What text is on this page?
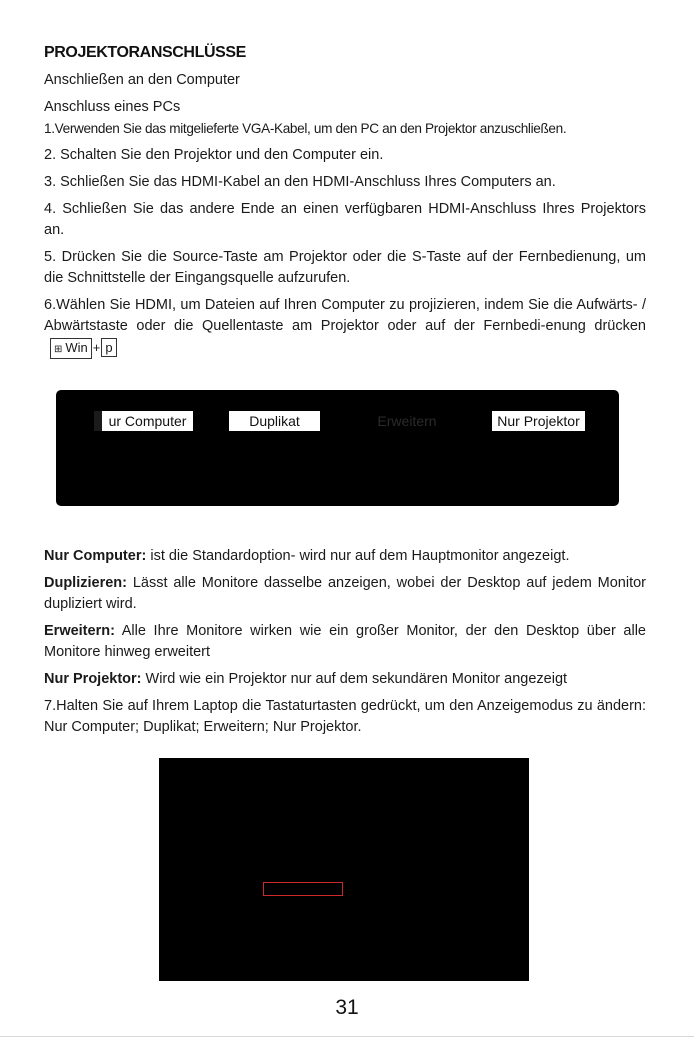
PROJEKTORANSCHLÜSSE
Anschließen an den Computer
Anschluss eines PCs
1.Verwenden Sie das mitgelieferte VGA-Kabel, um den PC an den Projektor anzuschließen.
2. Schalten Sie den Projektor und den Computer ein.
3. Schließen Sie das HDMI-Kabel an den HDMI-Anschluss Ihres Computers an.
4. Schließen Sie das andere Ende an einen verfügbaren HDMI-Anschluss Ihres Projektors an.
5. Drücken Sie die Source-Taste am Projektor oder die S-Taste auf der Fernbedienung, um die Schnittstelle der Eingangsquelle aufzurufen.
6.Wählen Sie HDMI, um Dateien auf Ihren Computer zu projizieren, indem Sie die Aufwärts- / Abwärtstaste oder die Quellentaste am Projektor oder auf der Fernbedi-enung drücken⊞ Win + p
ur Computer	Duplikat	Erweitern	Nur Projektor
Nur Computer: ist die Standardoption- wird nur auf dem Hauptmonitor angezeigt.
Duplizieren: Lässt alle Monitore dasselbe anzeigen, wobei der Desktop auf jedem Monitor dupliziert wird.
Erweitern: Alle Ihre Monitore wirken wie ein großer Monitor, der den Desktop über alle Monitore hinweg erweitert
Nur Projektor: Wird wie ein Projektor nur auf dem sekundären Monitor angezeigt
7.Halten Sie auf Ihrem Laptop die Tastaturtasten gedrückt, um den Anzeigemodus zu ändern: Nur Computer; Duplikat; Erweitern; Nur Projektor.
31
